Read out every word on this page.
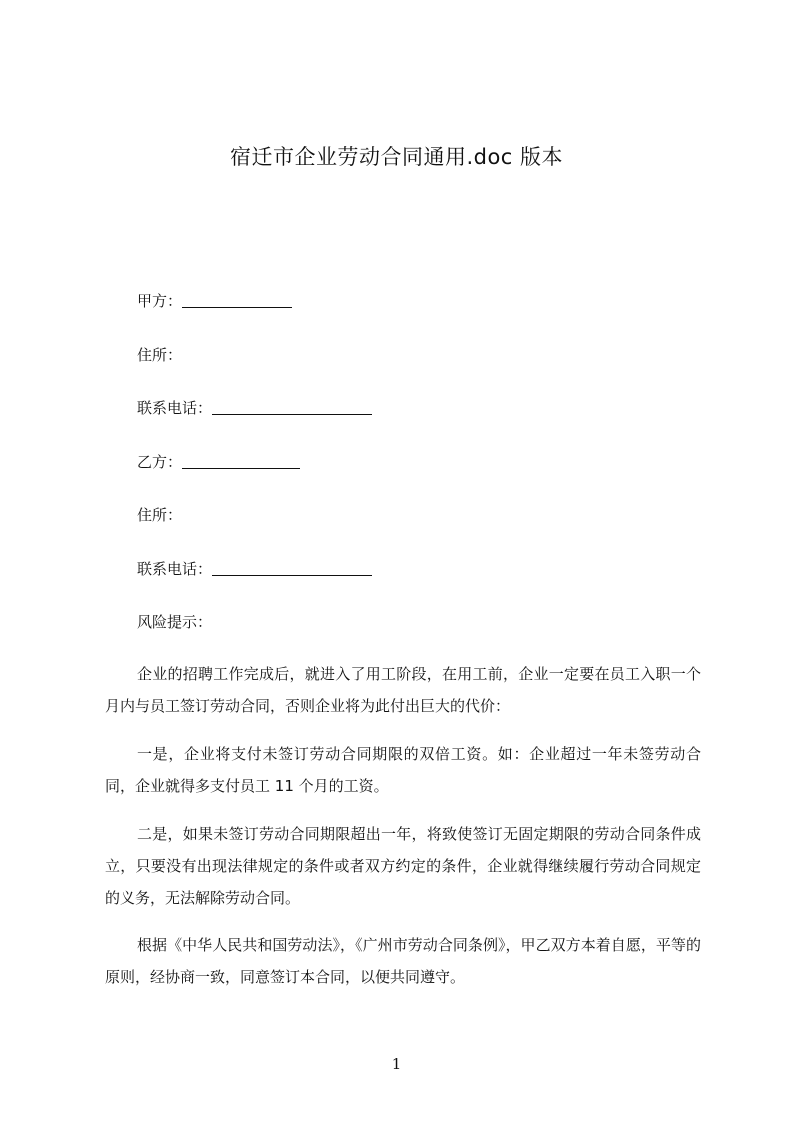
宿迁市企业劳动合同通用.doc 版本
甲方：
住所：
联系电话：
乙方：
住所：
联系电话：
风险提示：

企业的招聘工作完成后，就进入了用工阶段，在用工前，企业一定要在员工入职一个月内与员工签订劳动合同，否则企业将为此付出巨大的代价：

一是，企业将支付未签订劳动合同期限的双倍工资。如：企业超过一年未签劳动合同，企业就得多支付员工 11 个月的工资。

二是，如果未签订劳动合同期限超出一年，将致使签订无固定期限的劳动合同条件成立，只要没有出现法律规定的条件或者双方约定的条件，企业就得继续履行劳动合同规定的义务，无法解除劳动合同。

根据《中华人民共和国劳动法》，《广州市劳动合同条例》，甲乙双方本着自愿，平等的原则，经协商一致，同意签订本合同，以便共同遵守。

1
